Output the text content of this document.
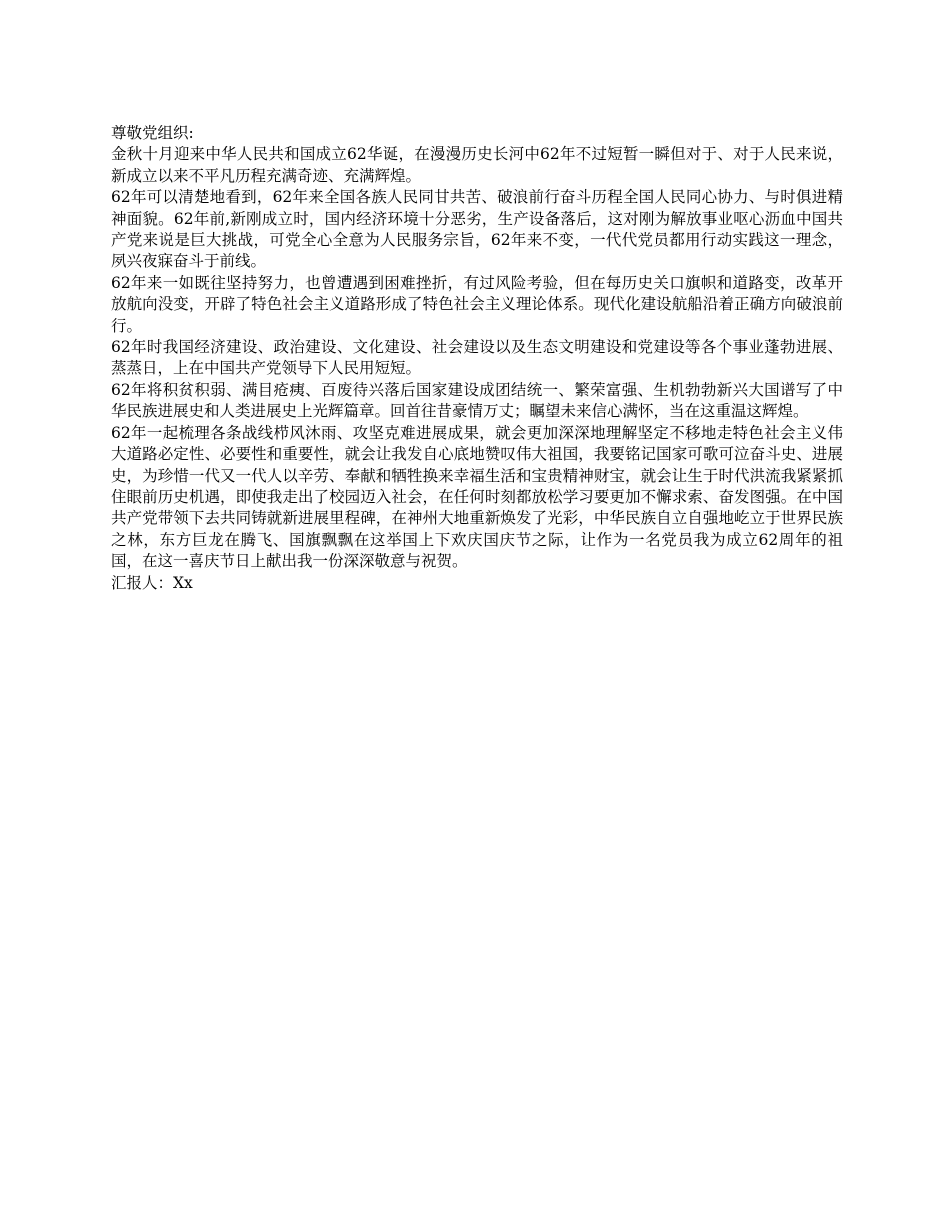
尊敬党组织:

金秋十月迎来中华人民共和国成立62华诞，在漫漫历史长河中62年不过短暂一瞬但对于、对于人民来说，新成立以来不平凡历程充满奇迹、充满辉煌。

62年可以清楚地看到，62年来全国各族人民同甘共苦、破浪前行奋斗历程全国人民同心协力、与时俱进精神面貌。62年前,新刚成立时，国内经济环境十分恶劣，生产设备落后，这对刚为解放事业呕心沥血中国共产党来说是巨大挑战，可党全心全意为人民服务宗旨，62年来不变，一代代党员都用行动实践这一理念，夙兴夜寐奋斗于前线。

62年来一如既往坚持努力，也曾遭遇到困难挫折，有过风险考验，但在每历史关口旗帜和道路变，改革开放航向没变，开辟了特色社会主义道路形成了特色社会主义理论体系。现代化建设航船沿着正确方向破浪前行。

62年时我国经济建设、政治建设、文化建设、社会建设以及生态文明建设和党建设等各个事业蓬勃进展、蒸蒸日，上在中国共产党领导下人民用短短。

62年将积贫积弱、满目疮痍、百废待兴落后国家建设成团结统一、繁荣富强、生机勃勃新兴大国谱写了中华民族进展史和人类进展史上光辉篇章。回首往昔豪情万丈；瞩望未来信心满怀，当在这重温这辉煌。

62年一起梳理各条战线栉风沐雨、攻坚克难进展成果，就会更加深深地理解坚定不移地走特色社会主义伟大道路必定性、必要性和重要性，就会让我发自心底地赞叹伟大祖国，我要铭记国家可歌可泣奋斗史、进展史，为珍惜一代又一代人以辛劳、奉献和牺牲换来幸福生活和宝贵精神财宝，就会让生于时代洪流我紧紧抓住眼前历史机遇，即使我走出了校园迈入社会，在任何时刻都放松学习要更加不懈求索、奋发图强。在中国共产党带领下去共同铸就新进展里程碑，在神州大地重新焕发了光彩，中华民族自立自强地屹立于世界民族之林，东方巨龙在腾飞、国旗飘飘在这举国上下欢庆国庆节之际，让作为一名党员我为成立62周年的祖国，在这一喜庆节日上献出我一份深深敬意与祝贺。

汇报人：Xx
